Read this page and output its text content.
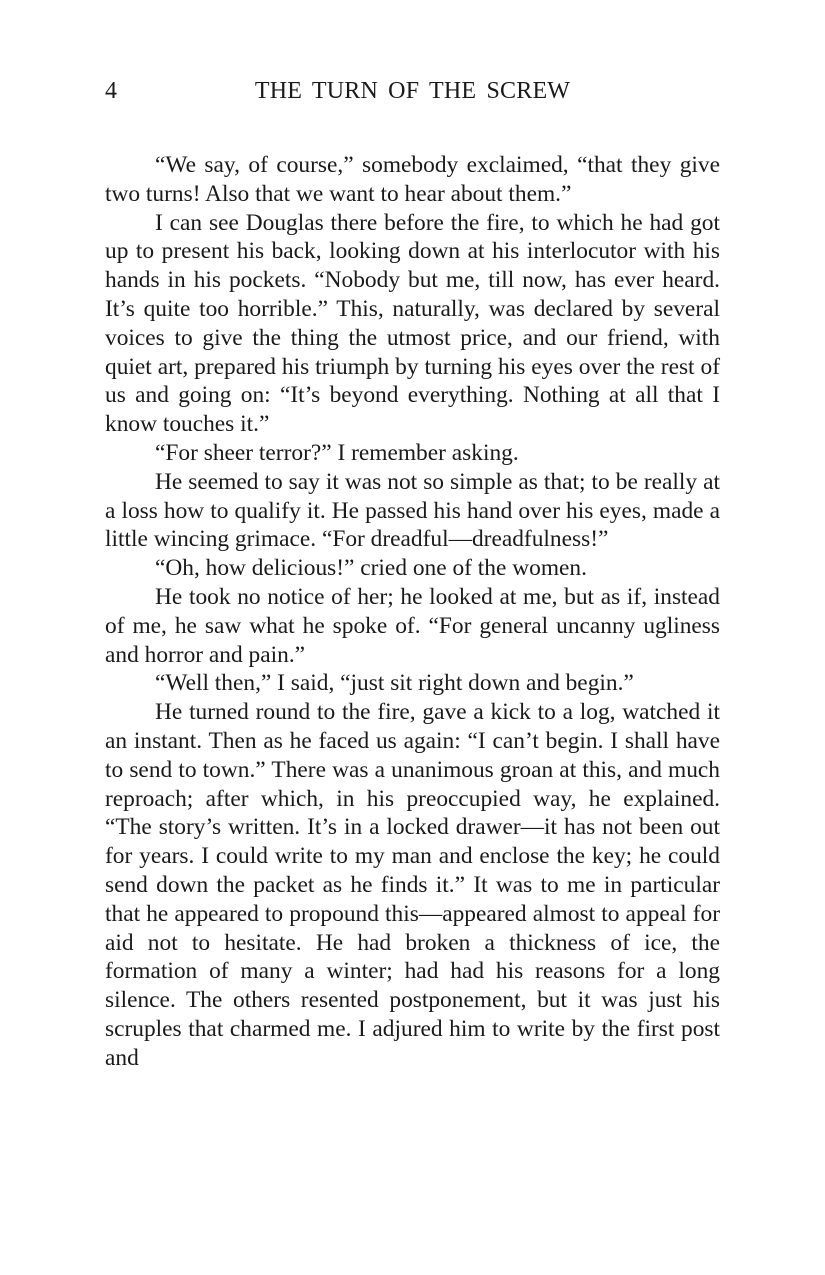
4	THE TURN OF THE SCREW

“We say, of course,” somebody exclaimed, “that they give two turns! Also that we want to hear about them.”

I can see Douglas there before the fire, to which he had got up to present his back, looking down at his interlocutor with his hands in his pockets. “Nobody but me, till now, has ever heard. It’s quite too horrible.” This, naturally, was declared by several voices to give the thing the utmost price, and our friend, with quiet art, prepared his triumph by turning his eyes over the rest of us and going on: “It’s beyond everything. Nothing at all that I know touches it.”

“For sheer terror?” I remember asking.

He seemed to say it was not so simple as that; to be really at a loss how to qualify it. He passed his hand over his eyes, made a little wincing grimace. “For dreadful—dreadfulness!”

“Oh, how delicious!” cried one of the women.

He took no notice of her; he looked at me, but as if, instead of me, he saw what he spoke of. “For general uncanny ugliness and horror and pain.”

“Well then,” I said, “just sit right down and begin.”

He turned round to the fire, gave a kick to a log, watched it an instant. Then as he faced us again: “I can’t begin. I shall have to send to town.” There was a unanimous groan at this, and much reproach; after which, in his preoccupied way, he explained. “The story’s written. It’s in a locked drawer—it has not been out for years. I could write to my man and enclose the key; he could send down the packet as he finds it.” It was to me in particular that he appeared to propound this—appeared almost to appeal for aid not to hesitate. He had broken a thickness of ice, the formation of many a winter; had had his reasons for a long silence. The others resented postponement, but it was just his scruples that charmed me. I adjured him to write by the first post and
